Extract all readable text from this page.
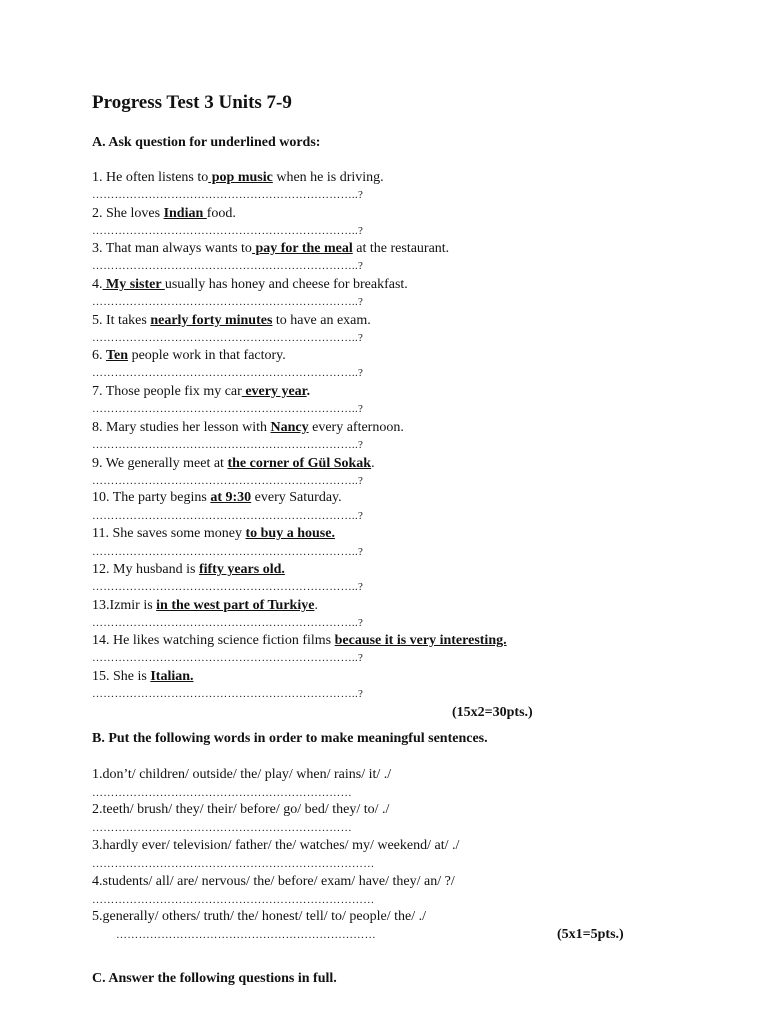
Progress Test 3 Units 7-9
A. Ask question for underlined words:
1. He often listens to pop music when he is driving.
……………………………………………………………..?
2. She loves Indian food.
……………………………………………………………..?
3. That man always wants to pay for the meal at the restaurant.
……………………………………………………………..?
4. My sister usually has honey and cheese for breakfast.
……………………………………………………………..?
5. It takes nearly forty minutes to have an exam.
……………………………………………………………..?
6. Ten people work in that factory.
……………………………………………………………..?
7. Those people fix my car every year.
……………………………………………………………..?
8. Mary studies her lesson with Nancy every afternoon.
……………………………………………………………..?
9. We generally meet at the corner of Gül Sokak.
……………………………………………………………..?
10. The party begins at 9:30 every Saturday.
……………………………………………………………..?
11. She saves some money to buy a house.
……………………………………………………………..?
12. My husband is fifty years old.
……………………………………………………………..?
13.Izmir is in the west part of Turkiye.
……………………………………………………………..?
14. He likes watching science fiction films because it is very interesting.
……………………………………………………………..?
15. She is Italian.
……………………………………………………………..?
(15x2=30pts.)
B. Put the following words in order to make meaningful sentences.
1.don’t/ children/ outside/ the/ play/ when/ rains/ it/ ./
……………………………………………………………
2.teeth/ brush/ they/ their/ before/ go/ bed/ they/ to/ ./
……………………………………………………………
3.hardly ever/ television/ father/ the/ watches/ my/ weekend/ at/ ./
…………………………………………………………………
4.students/ all/ are/ nervous/ the/ before/ exam/ have/ they/ an/ ?/
…………………………………………………………………
5.generally/ others/ truth/ the/ honest/ tell/ to/ people/ the/ ./
……………………………………………………………	(5x1=5pts.)
C. Answer the following questions in full.
